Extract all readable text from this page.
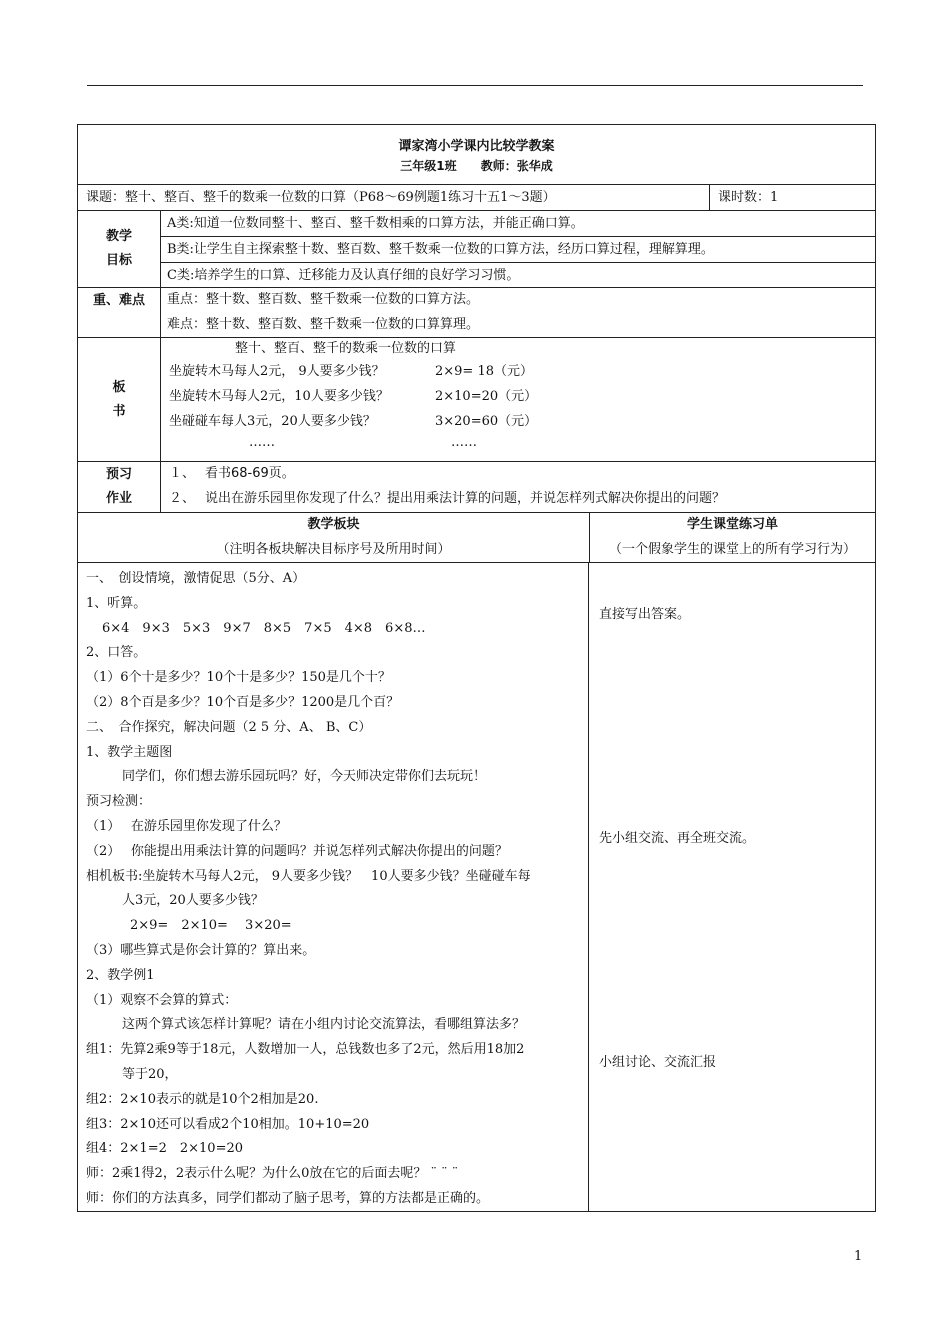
谭家湾小学课内比较学教案
三年级1班 教师：张华成
课题：整十、整百、整千的数乘一位数的口算（P68～69例题1练习十五1～3题）	课时数：1
教学
目标
A类:知道一位数同整十、整百、整千数相乘的口算方法，并能正确口算。
B类:让学生自主探索整十数、整百数、整千数乘一位数的口算方法，经历口算过程，理解算理。
C类:培养学生的口算、迁移能力及认真仔细的良好学习习惯。
重、难点	重点：整十数、整百数、整千数乘一位数的口算方法。
难点：整十数、整百数、整千数乘一位数的口算算理。
板
书
整十、整百、整千的数乘一位数的口算
坐旋转木马每人2元， 9人要多少钱？	2×9= 18（元）
坐旋转木马每人2元，10人要多少钱？	2×10=20（元）
坐碰碰车每人3元，20人要多少钱？	3×20=60（元）
……	……
预习
作业
１、 看书68-69页。
２、 说出在游乐园里你发现了什么？提出用乘法计算的问题，并说怎样列式解决你提出的问题？
教学板块
（注明各板块解决目标序号及所用时间）
学生课堂练习单
（一个假象学生的课堂上的所有学习行为）
一、　创设情境，激情促思（5分、A）
1、听算。
6×4　9×3　5×3　9×7　8×5　7×5　4×8　6×8…
2、口答。
（1）6个十是多少？10个十是多少？150是几个十？
（2）8个百是多少？10个百是多少？1200是几个百？
二、　合作探究，解决问题（2 5 分、A、 B、C）
1、教学主题图
同学们，你们想去游乐园玩吗？好，今天师决定带你们去玩玩！
预习检测：
（1）　 在游乐园里你发现了什么？
（2）　 你能提出用乘法计算的问题吗？并说怎样列式解决你提出的问题？
相机板书:坐旋转木马每人2元， 9人要多少钱？　10人要多少钱？坐碰碰车每
人3元，20人要多少钱？
2×9=　2×10=　 3×20=
（3）哪些算式是你会计算的？算出来。
2、教学例1
（1）观察不会算的算式：
这两个算式该怎样计算呢？请在小组内讨论交流算法，看哪组算法多？
组1：先算2乘9等于18元，人数增加一人，总钱数也多了2元，然后用18加2
等于20，
组2：2×10表示的就是10个2相加是20.
组3：2×10还可以看成2个10相加。10+10=20
组4：2×1=2　2×10=20
师：2乘1得2，2表示什么呢？为什么0放在它的后面去呢？ ¨ ¨ ¨
师：你们的方法真多，同学们都动了脑子思考，算的方法都是正确的。
直接写出答案。
先小组交流、再全班交流。
小组讨论、交流汇报
1
